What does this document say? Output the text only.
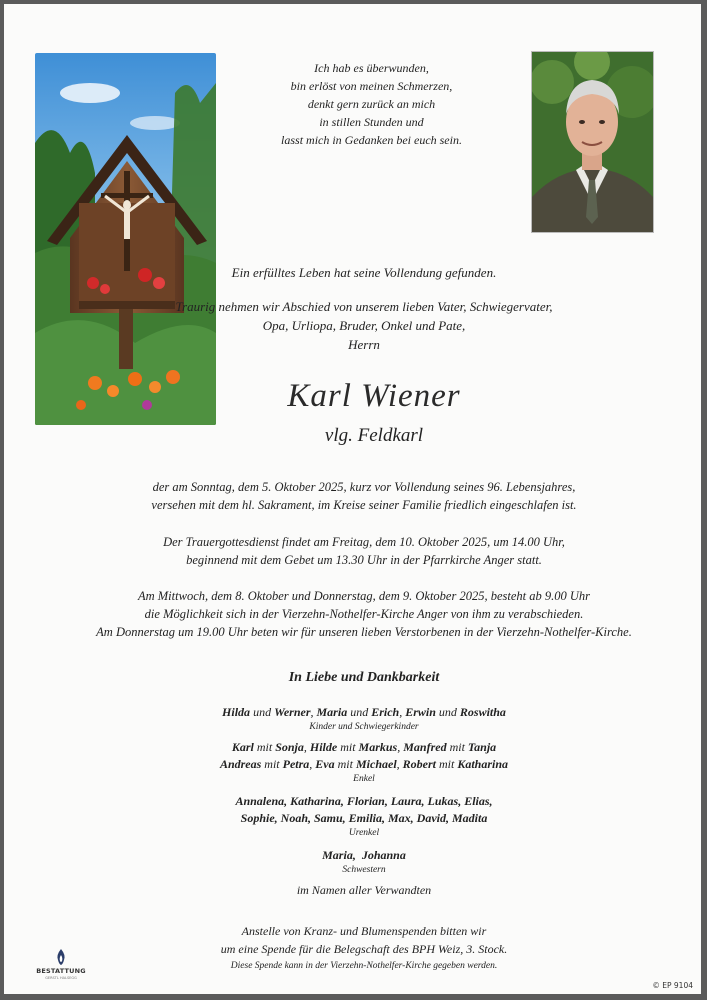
Ich hab es überwunden,
bin erlöst von meinen Schmerzen,
denkt gern zurück an mich
in stillen Stunden und
lasst mich in Gedanken bei euch sein.
Ein erfülltes Leben hat seine Vollendung gefunden.
Traurig nehmen wir Abschied von unserem lieben Vater, Schwiegervater,
Opa, Urliopa, Bruder, Onkel und Pate,
Herrn
Karl Wiener
vlg. Feldkarl
der am Sonntag, dem 5. Oktober 2025, kurz vor Vollendung seines 96. Lebensjahres,
versehen mit dem hl. Sakrament, im Kreise seiner Familie friedlich eingeschlafen ist.
Der Trauergottesdienst findet am Freitag, dem 10. Oktober 2025, um 14.00 Uhr,
beginnend mit dem Gebet um 13.30 Uhr in der Pfarrkirche Anger statt.
Am Mittwoch, dem 8. Oktober und Donnerstag, dem 9. Oktober 2025, besteht ab 9.00 Uhr
die Möglichkeit sich in der Vierzehn-Nothelfer-Kirche Anger von ihm zu verabschieden.
Am Donnerstag um 19.00 Uhr beten wir für unseren lieben Verstorbenen in der Vierzehn-Nothelfer-Kirche.
In Liebe und Dankbarkeit
Hilda und Werner, Maria und Erich, Erwin und Roswitha
Kinder und Schwiegerkinder
Karl mit Sonja, Hilde mit Markus, Manfred mit Tanja
Andreas mit Petra, Eva mit Michael, Robert mit Katharina
Enkel
Annalena, Katharina, Florian, Laura, Lukas, Elias,
Sophie, Noah, Samu, Emilia, Max, David, Madita
Urenkel
Maria,  Johanna
Schwestern
im Namen aller Verwandten
Anstelle von Kranz- und Blumenspenden bitten wir
um eine Spende für die Belegschaft des BPH Weiz, 3. Stock.
Diese Spende kann in der Vierzehn-Nothelfer-Kirche gegeben werden.
BESTATTUNG
GERSTL HALSEGG
© EP 9104
